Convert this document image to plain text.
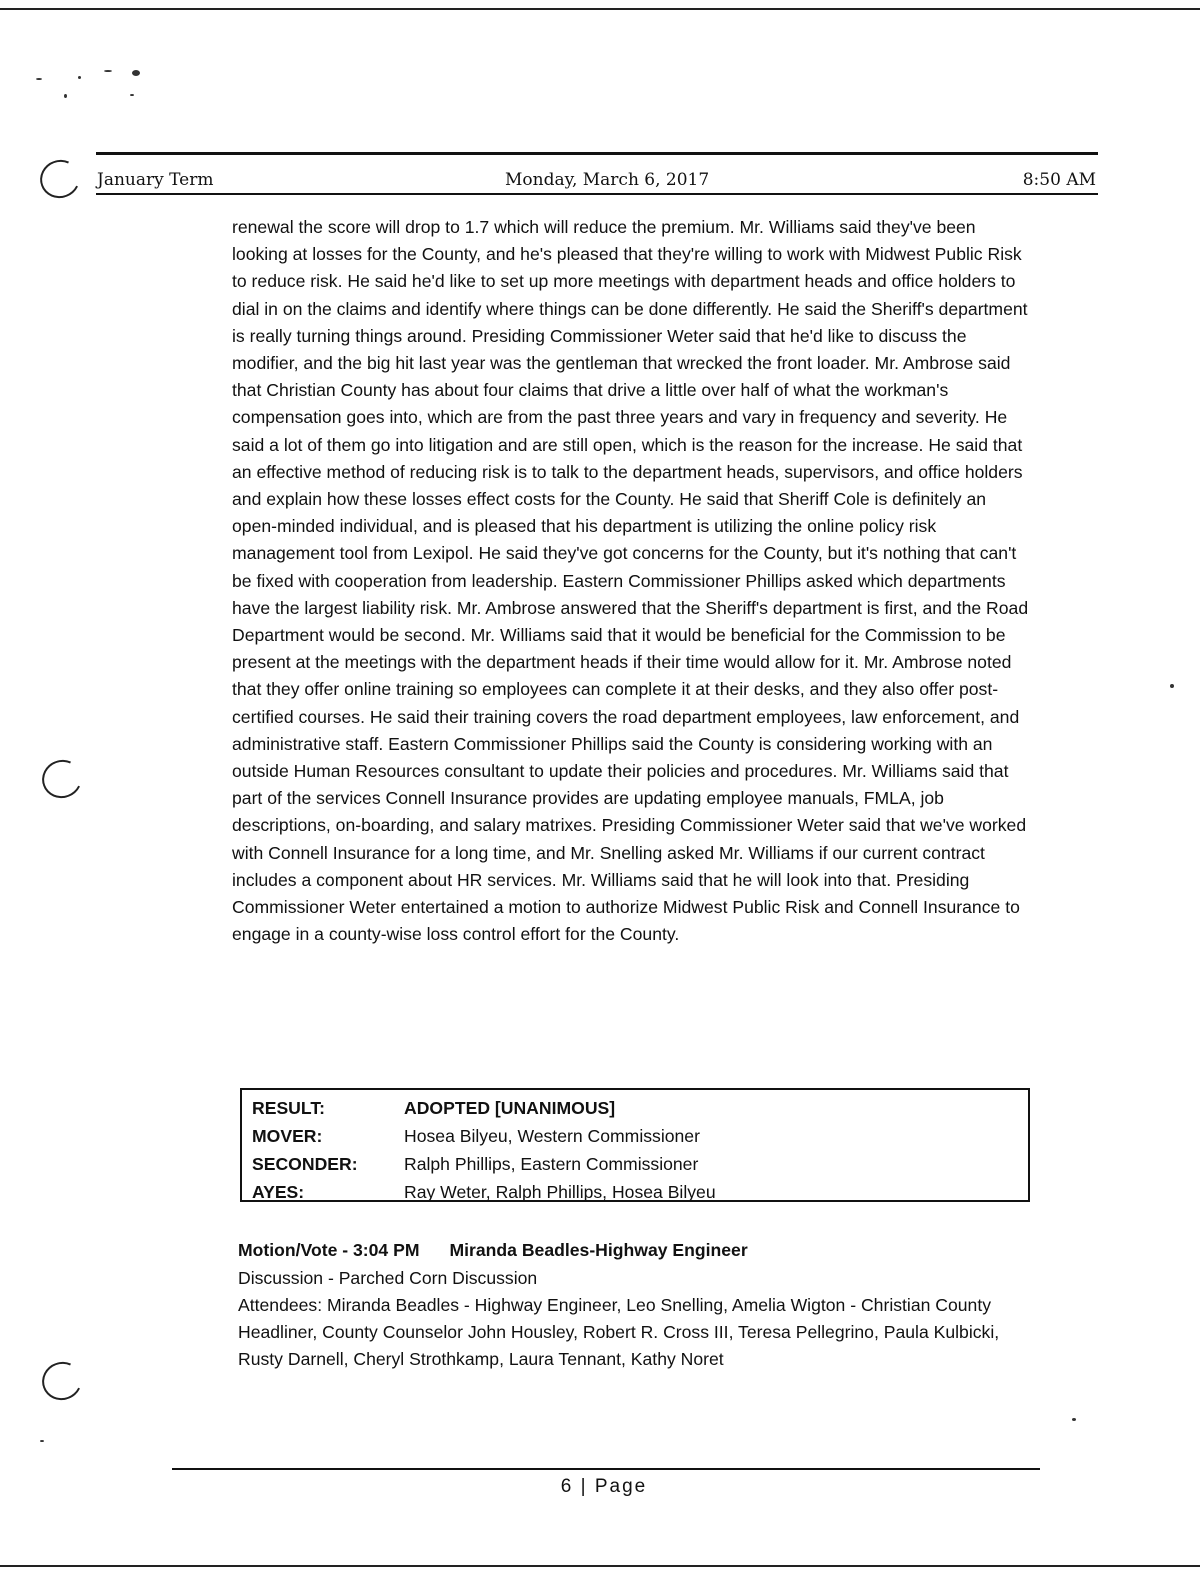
January Term	Monday, March 6, 2017	8:50 AM

renewal the score will drop to 1.7 which will reduce the premium. Mr. Williams said they've been looking at losses for the County, and he's pleased that they're willing to work with Midwest Public Risk to reduce risk. He said he'd like to set up more meetings with department heads and office holders to dial in on the claims and identify where things can be done differently. He said the Sheriff's department is really turning things around. Presiding Commissioner Weter said that he'd like to discuss the modifier, and the big hit last year was the gentleman that wrecked the front loader. Mr. Ambrose said that Christian County has about four claims that drive a little over half of what the workman's compensation goes into, which are from the past three years and vary in frequency and severity. He said a lot of them go into litigation and are still open, which is the reason for the increase. He said that an effective method of reducing risk is to talk to the department heads, supervisors, and office holders and explain how these losses effect costs for the County. He said that Sheriff Cole is definitely an open-minded individual, and is pleased that his department is utilizing the online policy risk management tool from Lexipol. He said they've got concerns for the County, but it's nothing that can't be fixed with cooperation from leadership. Eastern Commissioner Phillips asked which departments have the largest liability risk. Mr. Ambrose answered that the Sheriff's department is first, and the Road Department would be second. Mr. Williams said that it would be beneficial for the Commission to be present at the meetings with the department heads if their time would allow for it. Mr. Ambrose noted that they offer online training so employees can complete it at their desks, and they also offer post-certified courses. He said their training covers the road department employees, law enforcement, and administrative staff. Eastern Commissioner Phillips said the County is considering working with an outside Human Resources consultant to update their policies and procedures. Mr. Williams said that part of the services Connell Insurance provides are updating employee manuals, FMLA, job descriptions, on-boarding, and salary matrixes. Presiding Commissioner Weter said that we've worked with Connell Insurance for a long time, and Mr. Snelling asked Mr. Williams if our current contract includes a component about HR services. Mr. Williams said that he will look into that. Presiding Commissioner Weter entertained a motion to authorize Midwest Public Risk and Connell Insurance to engage in a county-wise loss control effort for the County.

RESULT:	ADOPTED [UNANIMOUS]
MOVER:	Hosea Bilyeu, Western Commissioner
SECONDER:	Ralph Phillips, Eastern Commissioner
AYES:	Ray Weter, Ralph Phillips, Hosea Bilyeu
Motion/Vote - 3:04 PM Miranda Beadles-Highway Engineer
Discussion - Parched Corn Discussion

Attendees: Miranda Beadles - Highway Engineer, Leo Snelling, Amelia Wigton - Christian County Headliner, County Counselor John Housley, Robert R. Cross III, Teresa Pellegrino, Paula Kulbicki, Rusty Darnell, Cheryl Strothkamp, Laura Tennant, Kathy Noret

6 | Page
